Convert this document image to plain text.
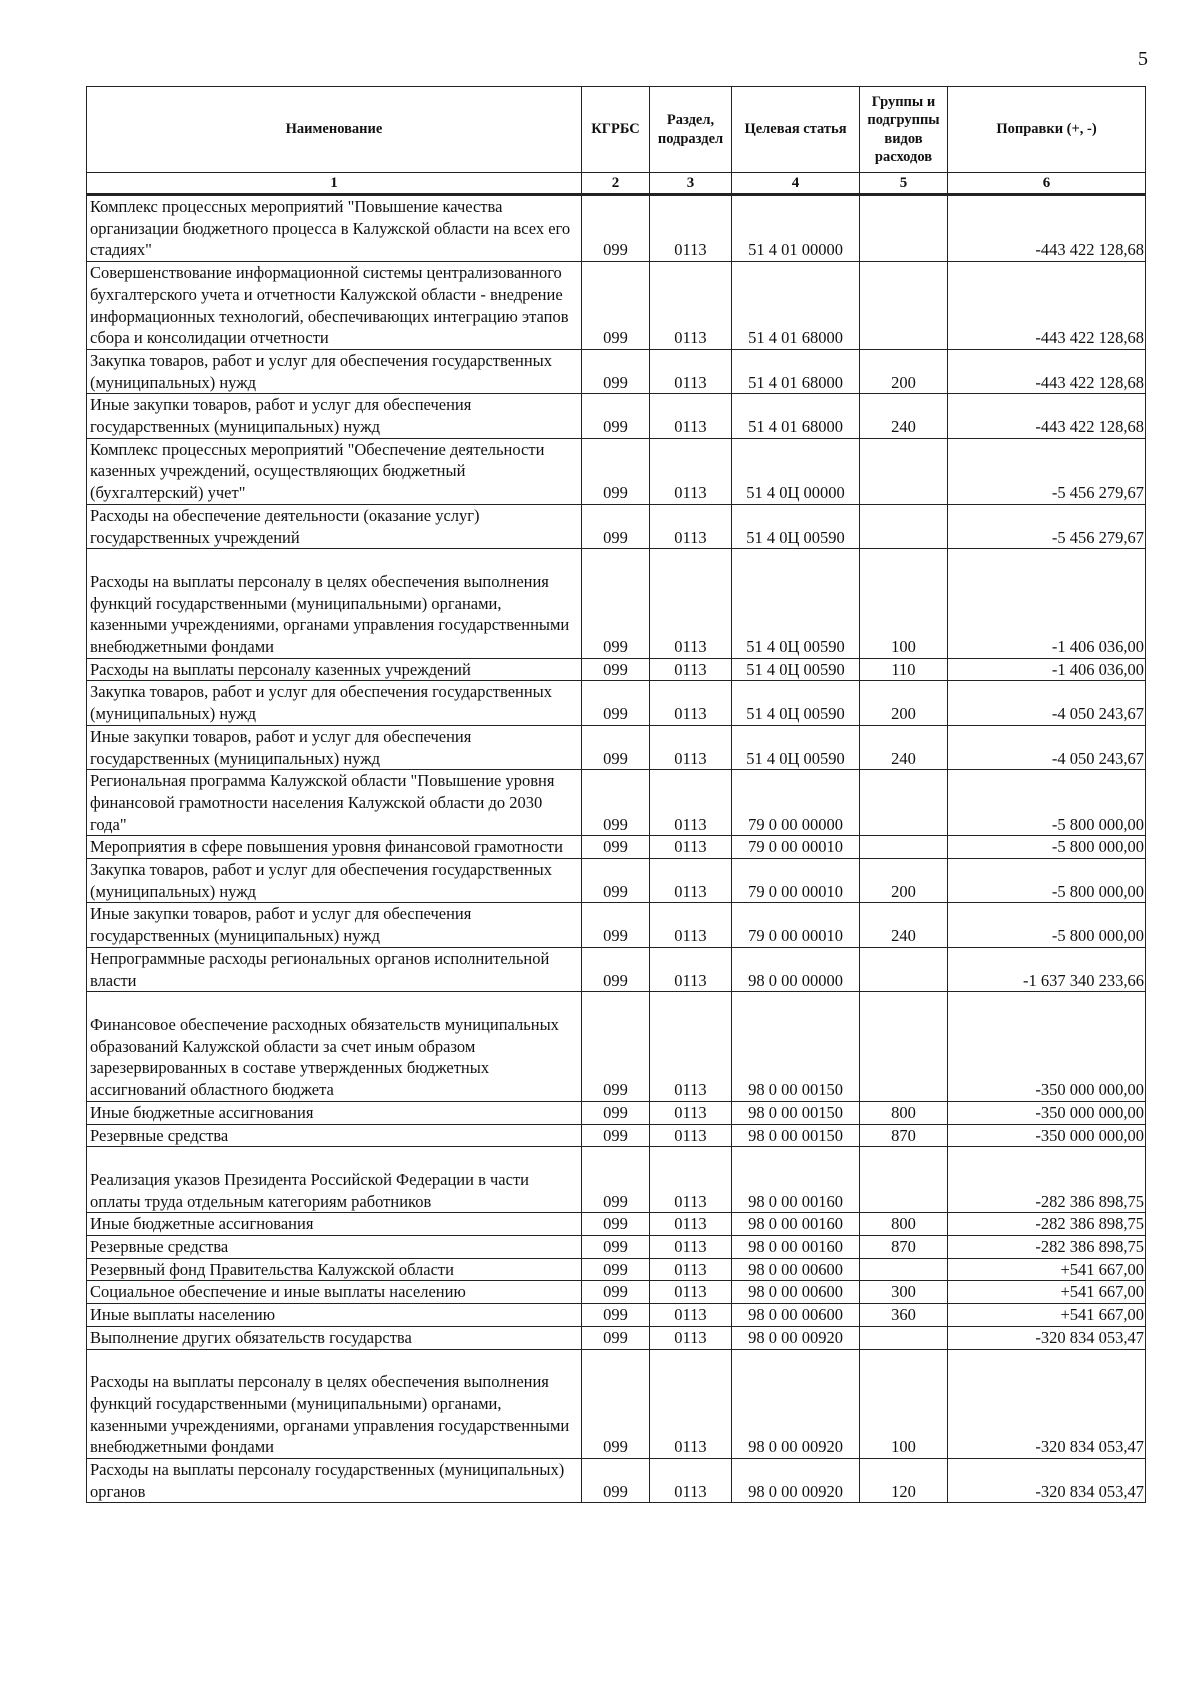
5
Наименование	КГРБС	Раздел, подраздел	Целевая статья	Группы и подгруппы видов расходов	Поправки (+, -)
1	2	3	4	5	6
Комплекс процессных мероприятий "Повышение качества организации бюджетного процесса в Калужской области на всех его стадиях"	099	0113	51 4 01 00000		-443 422 128,68
Совершенствование информационной системы централизованного бухгалтерского учета и отчетности Калужской области - внедрение информационных технологий, обеспечивающих интеграцию этапов сбора и консолидации отчетности	099	0113	51 4 01 68000		-443 422 128,68
Закупка товаров, работ и услуг для обеспечения государственных (муниципальных) нужд	099	0113	51 4 01 68000	200	-443 422 128,68
Иные закупки товаров, работ и услуг для обеспечения государственных (муниципальных) нужд	099	0113	51 4 01 68000	240	-443 422 128,68
Комплекс процессных мероприятий "Обеспечение деятельности казенных учреждений, осуществляющих бюджетный (бухгалтерский) учет"	099	0113	51 4 0Ц 00000		-5 456 279,67
Расходы на обеспечение деятельности (оказание услуг) государственных учреждений	099	0113	51 4 0Ц 00590		-5 456 279,67

Расходы на выплаты персоналу в целях обеспечения выполнения функций государственными (муниципальными) органами, казенными учреждениями, органами управления государственными внебюджетными фондами	099	0113	51 4 0Ц 00590	100	-1 406 036,00
Расходы на выплаты персоналу казенных учреждений	099	0113	51 4 0Ц 00590	110	-1 406 036,00
Закупка товаров, работ и услуг для обеспечения государственных (муниципальных) нужд	099	0113	51 4 0Ц 00590	200	-4 050 243,67
Иные закупки товаров, работ и услуг для обеспечения государственных (муниципальных) нужд	099	0113	51 4 0Ц 00590	240	-4 050 243,67
Региональная программа Калужской области "Повышение уровня финансовой грамотности населения Калужской области до 2030 года"	099	0113	79 0 00 00000		-5 800 000,00
Мероприятия в сфере повышения уровня финансовой грамотности	099	0113	79 0 00 00010		-5 800 000,00
Закупка товаров, работ и услуг для обеспечения государственных (муниципальных) нужд	099	0113	79 0 00 00010	200	-5 800 000,00
Иные закупки товаров, работ и услуг для обеспечения государственных (муниципальных) нужд	099	0113	79 0 00 00010	240	-5 800 000,00
Непрограммные расходы региональных органов исполнительной власти	099	0113	98 0 00 00000		-1 637 340 233,66

Финансовое обеспечение расходных обязательств муниципальных образований Калужской области за счет иным образом зарезервированных в составе утвержденных бюджетных ассигнований областного бюджета	099	0113	98 0 00 00150		-350 000 000,00
Иные бюджетные ассигнования	099	0113	98 0 00 00150	800	-350 000 000,00
Резервные средства	099	0113	98 0 00 00150	870	-350 000 000,00

Реализация указов Президента Российской Федерации в части оплаты труда отдельным категориям работников	099	0113	98 0 00 00160		-282 386 898,75
Иные бюджетные ассигнования	099	0113	98 0 00 00160	800	-282 386 898,75
Резервные средства	099	0113	98 0 00 00160	870	-282 386 898,75
Резервный фонд Правительства Калужской области	099	0113	98 0 00 00600		+541 667,00
Социальное обеспечение и иные выплаты населению	099	0113	98 0 00 00600	300	+541 667,00
Иные выплаты населению	099	0113	98 0 00 00600	360	+541 667,00
Выполнение других обязательств государства	099	0113	98 0 00 00920		-320 834 053,47

Расходы на выплаты персоналу в целях обеспечения выполнения функций государственными (муниципальными) органами, казенными учреждениями, органами управления государственными внебюджетными фондами	099	0113	98 0 00 00920	100	-320 834 053,47
Расходы на выплаты персоналу государственных (муниципальных) органов	099	0113	98 0 00 00920	120	-320 834 053,47
